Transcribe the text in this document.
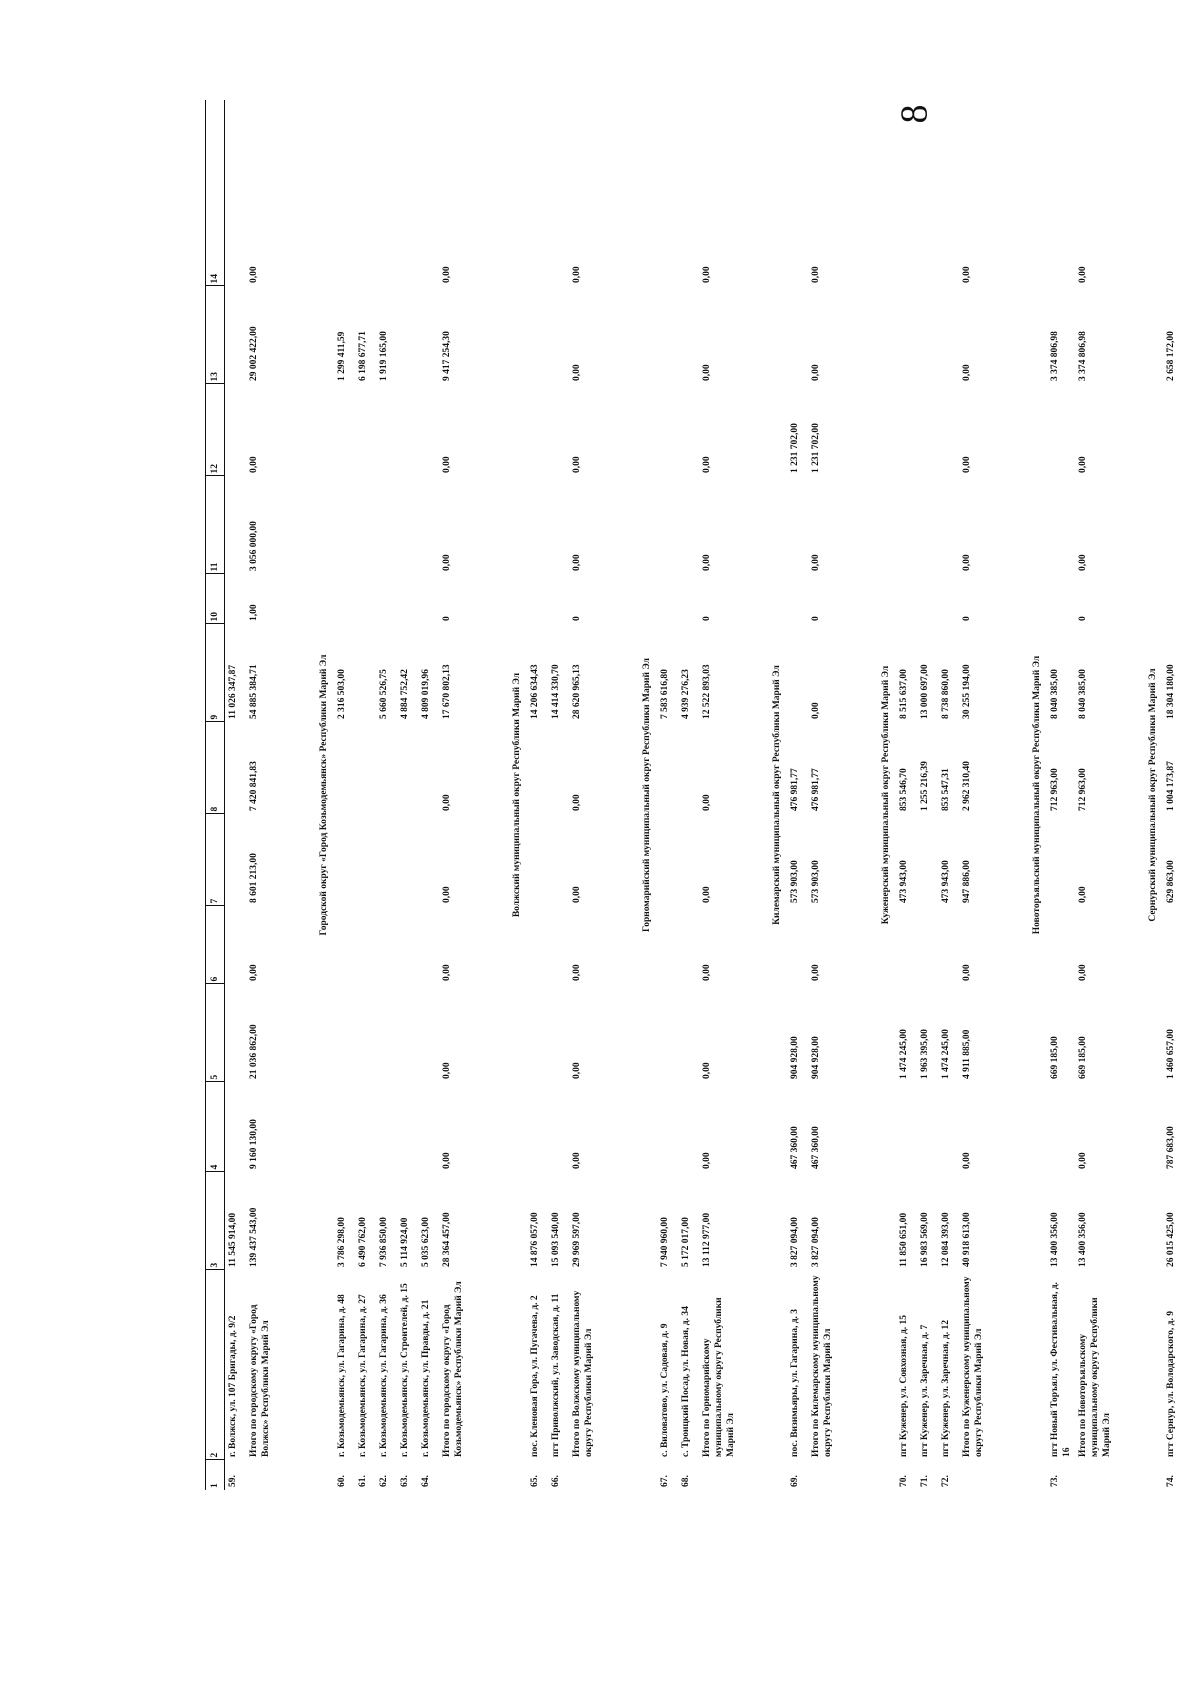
8
1	2	3	4	5	6	7	8	9	10	11	12	13	14
59.	г. Волжск, ул. 107 Бригады, д. 9/2	11 545 914,00						11 026 347,87					
	Итого по городскому округу «Город Волжск» Республики Марий Эл	139 437 543,00	9 160 130,00	21 036 862,00	0,00	8 601 213,00	7 420 841,83	54 885 384,71	1,00	3 056 000,00	0,00	29 002 422,00	0,00
Городской округ «Город Козьмодемьянск» Республики Марий Эл													
60.	г. Козьмодемьянск, ул. Гагарина, д. 48	3 786 298,00						2 316 503,00				1 299 411,59	
61.	г. Козьмодемьянск, ул. Гагарина, д. 27	6 490 762,00										6 198 677,71	
62.	г. Козьмодемьянск, ул. Гагарина, д. 36	7 936 850,00						5 660 526,75				1 919 165,00	
63.	г. Козьмодемьянск, ул. Строителей, д. 15	5 114 924,00						4 884 752,42					
64.	г. Козьмодемьянск, ул. Правды, д. 21	5 035 623,00						4 809 019,96					
	Итого по городскому округу «Город Козьмодемьянск» Республики Марий Эл	28 364 457,00	0,00	0,00	0,00	0,00	0,00	17 670 802,13	0	0,00	0,00	9 417 254,30	0,00
Волжский муниципальный округ Республики Марий Эл													
65.	пос. Кленовая Гора, ул. Пугачева, д. 2	14 876 057,00						14 206 634,43					
66.	пгт Приволжский, ул. Заводская, д. 11	15 093 540,00						14 414 330,70					
	Итого по Волжскому муниципальному округу Республики Марий Эл	29 969 597,00	0,00	0,00	0,00	0,00	0,00	28 620 965,13	0	0,00	0,00	0,00	0,00
Горномарийский муниципальный округ Республики Марий Эл													
67.	с. Виловатово, ул. Садовая, д. 9	7 940 960,00						7 583 616,80					
68.	с. Троицкий Посад, ул. Новая, д. 34	5 172 017,00						4 939 276,23					
	Итого по Горномарийскому муниципальному округу Республики Марий Эл	13 112 977,00	0,00	0,00	0,00	0,00	0,00	12 522 893,03	0	0,00	0,00	0,00	0,00
Килемарский муниципальный округ Республики Марий Эл													
69.	пос. Визимьяры, ул. Гагарина, д. 3	3 827 094,00	467 360,00	904 928,00		573 903,00	476 981,77				1 231 702,00		
	Итого по Килемарскому муниципальному округу Республики Марий Эл	3 827 094,00	467 360,00	904 928,00	0,00	573 903,00	476 981,77	0,00	0	0,00	1 231 702,00	0,00	0,00
Куженерский муниципальный округ Республики Марий Эл													
70.	пгт Куженер, ул. Совхозная, д. 15	11 850 651,00		1 474 245,00		473 943,00	853 546,70	8 515 637,00					
71.	пгт Куженер, ул. Заречная, д. 7	16 983 569,00		1 963 395,00			1 255 216,39	13 000 697,00					
72.	пгт Куженер, ул. Заречная, д. 12	12 084 393,00		1 474 245,00		473 943,00	853 547,31	8 738 860,00					
	Итого по Куженерскому муниципальному округу Республики Марий Эл	40 918 613,00	0,00	4 911 885,00	0,00	947 886,00	2 962 310,40	30 255 194,00	0	0,00	0,00	0,00	0,00
Новоторъяльский муниципальный округ Республики Марий Эл													
73.	пгт Новый Торъял, ул. Фестивальная, д. 16	13 400 356,00		669 185,00			712 963,00	8 040 385,00				3 374 806,98	
	Итого по Новоторъяльскому муниципальному округу Республики Марий Эл	13 400 356,00	0,00	669 185,00	0,00	0,00	712 963,00	8 040 385,00	0	0,00	0,00	3 374 806,98	0,00
Сернурский муниципальный округ Республики Марий Эл													
74.	пгт Сернур, ул. Володарского, д. 9	26 015 425,00	787 683,00	1 460 657,00		629 863,00	1 004 173,87	18 304 180,00				2 658 172,00	
